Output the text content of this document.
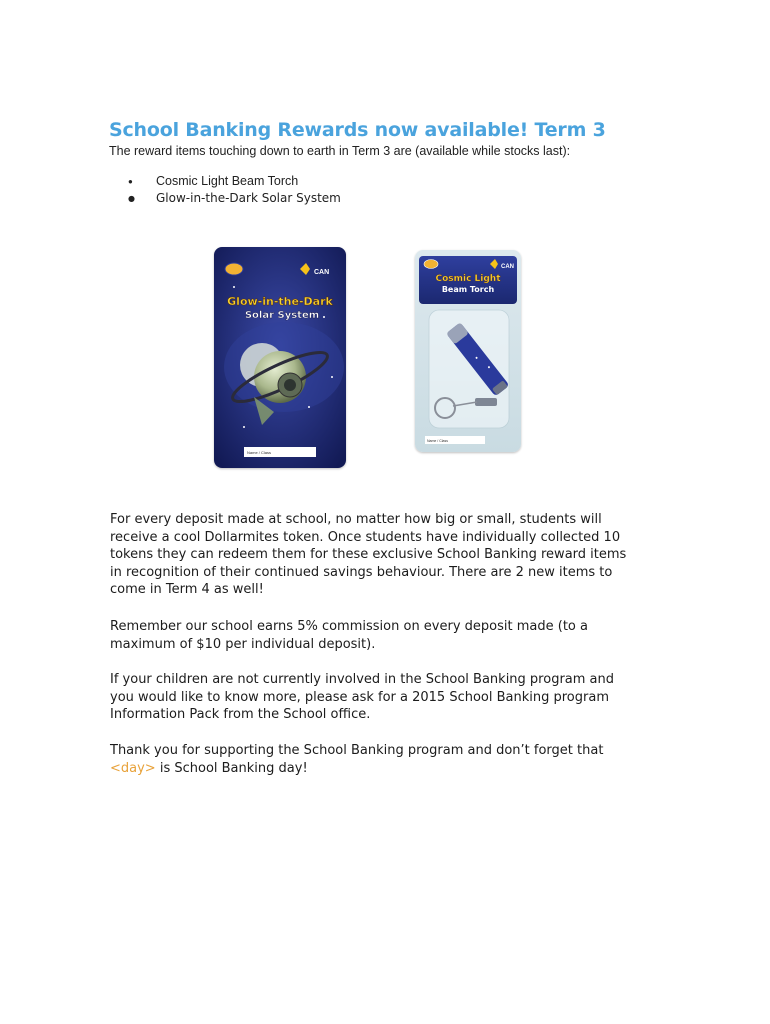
School Banking Rewards now available! Term 3
The reward items touching down to earth in Term 3 are (available while stocks last):
● Cosmic Light Beam Torch
● Glow-in-the-Dark Solar System
CAN
Glow-in-the-Dark
Solar System
Name / Class
CAN
Cosmic Light
Beam Torch
Name / Class

For every deposit made at school, no matter how big or small, students will receive a cool Dollarmites token. Once students have individually collected 10 tokens they can redeem them for these exclusive School Banking reward items in recognition of their continued savings behaviour. There are 2 new items to come in Term 4 as well!

Remember our school earns 5% commission on every deposit made (to a maximum of $10 per individual deposit).

If your children are not currently involved in the School Banking program and you would like to know more, please ask for a 2015 School Banking program Information Pack from the School office.

Thank you for supporting the School Banking program and don’t forget that <day> is School Banking day!
